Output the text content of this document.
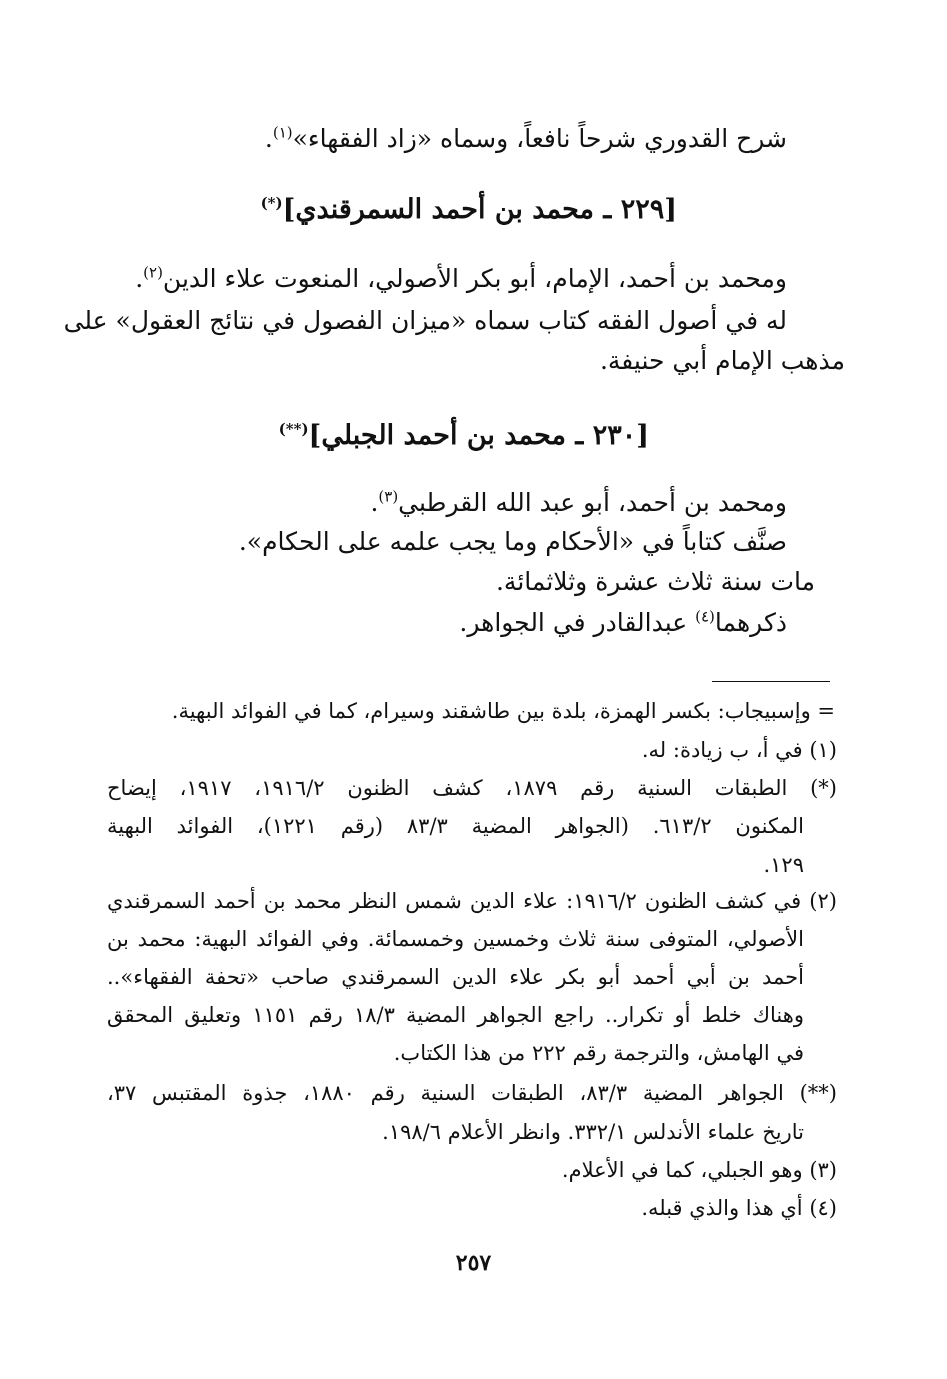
شرح القدوري شرحاً نافعاً، وسماه «زاد الفقهاء»$^{(١)}$.
[٢٢٩ ـ محمد بن أحمد السمرقندي](*)
ومحمد بن أحمد، الإمام، أبو بكر الأصولي، المنعوت علاء الدين$^{(٢)}$.
له في أصول الفقه كتاب سماه «ميزان الفصول في نتائج العقول» على
مذهب الإمام أبي حنيفة.
[٢٣٠ ـ محمد بن أحمد الجبلي](**)
ومحمد بن أحمد، أبو عبد الله القرطبي$^{(٣)}$.
صنَّف كتاباً في «الأحكام وما يجب علمه على الحكام».
مات سنة ثلاث عشرة وثلاثمائة.
ذكرهما$^{(٤)}$ عبدالقادر في الجواهر.
= وإسبيجاب: بكسر الهمزة، بلدة بين طاشقند وسيرام، كما في الفوائد البهية.
(١) في أ، ب زيادة: له.
(*) الطبقات السنية رقم ١٨٧٩، كشف الظنون ١٩١٦/٢، ١٩١٧، إيضاح
المكنون ٦١٣/٢. (الجواهر المضية ٨٣/٣ (رقم ١٢٢١)، الفوائد البهية
١٢٩.
(٢) في كشف الظنون ١٩١٦/٢: علاء الدين شمس النظر محمد بن أحمد السمرقندي
الأصولي، المتوفى سنة ثلاث وخمسين وخمسمائة. وفي الفوائد البهية: محمد بن
أحمد بن أبي أحمد أبو بكر علاء الدين السمرقندي صاحب «تحفة الفقهاء»..
وهناك خلط أو تكرار.. راجع الجواهر المضية ١٨/٣ رقم ١١٥١ وتعليق المحقق
في الهامش، والترجمة رقم ٢٢٢ من هذا الكتاب.
(**) الجواهر المضية ٨٣/٣، الطبقات السنية رقم ١٨٨٠، جذوة المقتبس ٣٧،
تاريخ علماء الأندلس ٣٣٢/١. وانظر الأعلام ١٩٨/٦.
(٣) وهو الجبلي، كما في الأعلام.
(٤) أي هذا والذي قبله.
٢٥٧
